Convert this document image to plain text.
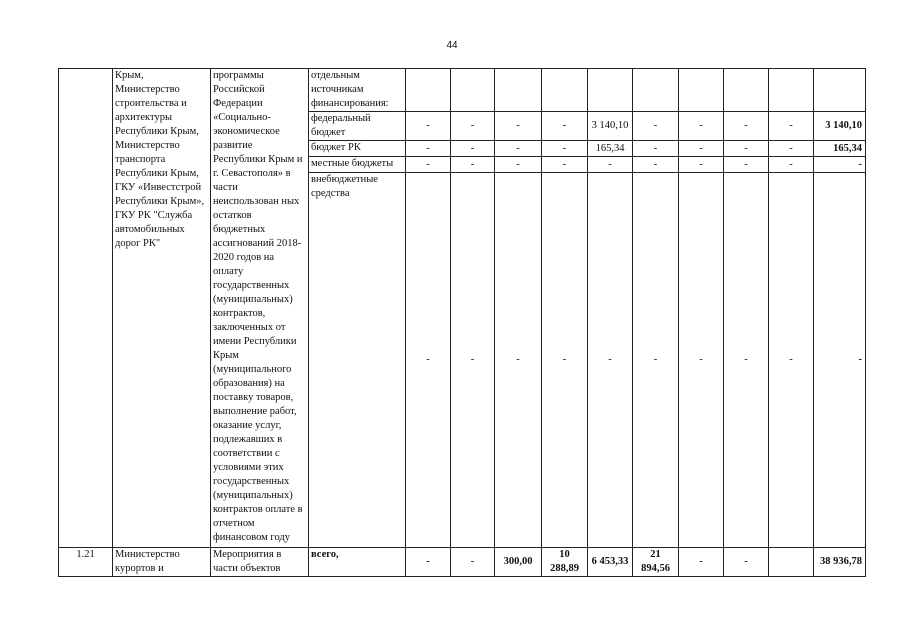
44
	Крым, Министерство строительства и архитектуры Республики Крым, Министерство транспорта Республики Крым, ГКУ «Инвестстрой Республики Крым», ГКУ РК "Служба автомобильных дорог РК"	программы Российской Федерации «Социально-экономическое развитие Республики Крым и г. Севастополя» в части неиспользован ных остатков бюджетных ассигнований 2018-2020 годов на оплату государственных (муниципальных) контрактов, заключенных от имени Республики Крым (муниципального образования) на поставку товаров, выполнение работ, оказание услуг, подлежавших в соответствии с условиями этих государственных (муниципальных) контрактов оплате в отчетном финансовом году	отдельным источникам финансирования:										
			федеральный бюджет	-	-	-	-	3 140,10	-	-	-	-	3 140,10
			бюджет РК	-	-	-	-	165,34	-	-	-	-	165,34
			местные бюджеты	-	-	-	-	-	-	-	-	-	-
			внебюджетные средства	-	-	-	-	-	-	-	-	-	-
1.21	Министерство курортов и	Мероприятия в части объектов	всего,	-	-	300,00	10 288,89	6 453,33	21 894,56	-	-		38 936,78
